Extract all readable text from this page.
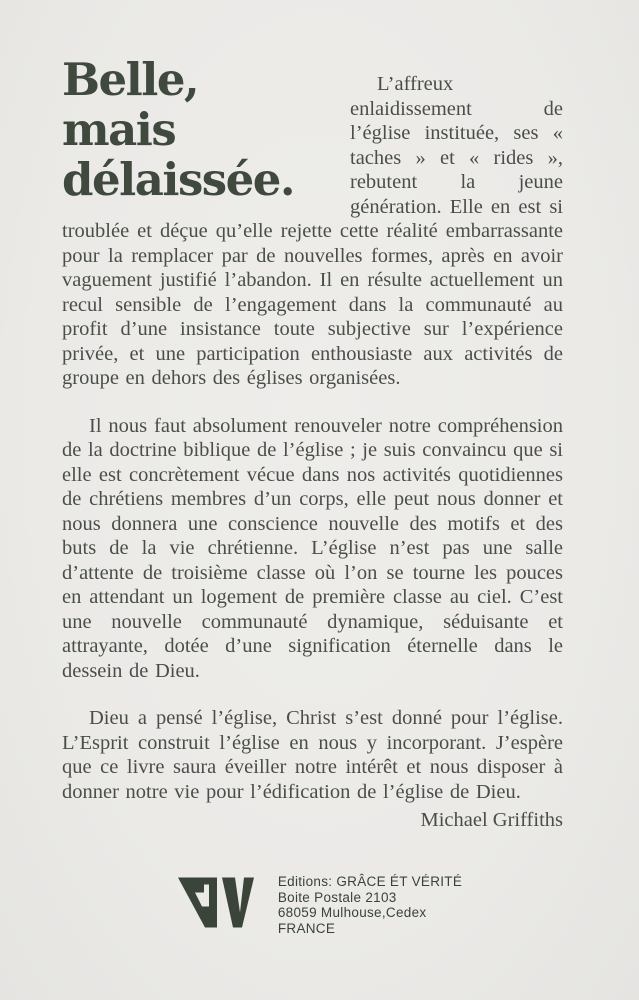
Belle,
mais
délaissée.

L’affreux enlaidissement de l’église instituée, ses « taches » et « rides », rebutent la jeune génération. Elle en est si troublée et déçue qu’elle rejette cette réalité embarrassante pour la remplacer par de nouvelles formes, après en avoir vaguement justifié l’abandon. Il en résulte actuellement un recul sensible de l’engagement dans la communauté au profit d’une insistance toute subjective sur l’expérience privée, et une participation enthousiaste aux activités de groupe en dehors des églises organisées.

Il nous faut absolument renouveler notre compréhension de la doctrine biblique de l’église ; je suis convaincu que si elle est concrètement vécue dans nos activités quotidiennes de chrétiens membres d’un corps, elle peut nous donner et nous donnera une conscience nouvelle des motifs et des buts de la vie chrétienne. L’église n’est pas une salle d’attente de troisième classe où l’on se tourne les pouces en attendant un logement de première classe au ciel. C’est une nouvelle communauté dynamique, séduisante et attrayante, dotée d’une signification éternelle dans le dessein de Dieu.

Dieu a pensé l’église, Christ s’est donné pour l’église. L’Esprit construit l’église en nous y incorporant. J’espère que ce livre saura éveiller notre intérêt et nous disposer à donner notre vie pour l’édification de l’église de Dieu.

Michael Griffiths
Editions: GRÂCE ÉT VÉRITÉ
Boite Postale 2103
68059 Mulhouse,Cedex
FRANCE
